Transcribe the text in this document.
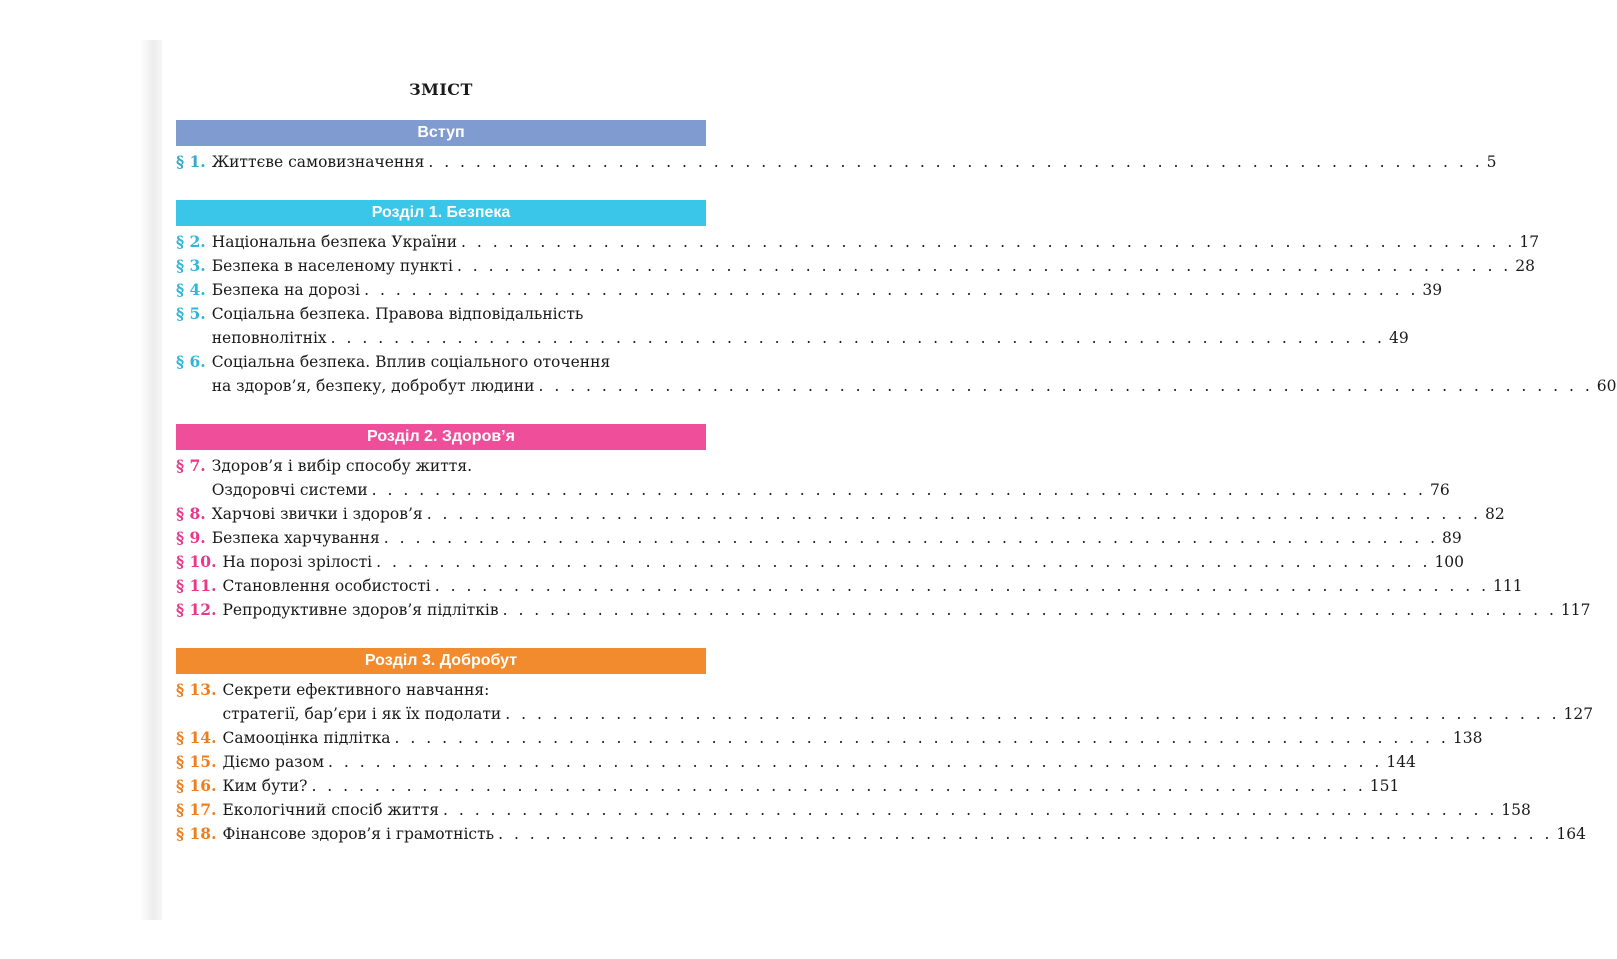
ЗМІСТ
Вступ
§ 1. Життєве самовизначення . . . . . . . . . . . . . . . . . . . . . . . . . . . . . . . . . . . . . . . . . . . . . . . . . . . . . . . . . . . . . . . . . . . 5
Розділ 1. Безпека
§ 2. Національна безпека України . . . . . . . . . . . . . . . . . . . . . . . . . . . . . . . . . . . . . . . . . . . . . . . . . . . . . . . . . . . . . . . . . . . 17
§ 3. Безпека в населеному пункті . . . . . . . . . . . . . . . . . . . . . . . . . . . . . . . . . . . . . . . . . . . . . . . . . . . . . . . . . . . . . . . . . . . 28
§ 4. Безпека на дорозі . . . . . . . . . . . . . . . . . . . . . . . . . . . . . . . . . . . . . . . . . . . . . . . . . . . . . . . . . . . . . . . . . . . 39
§ 5. Соціальна безпека. Правова відповідальність
неповнолітніх . . . . . . . . . . . . . . . . . . . . . . . . . . . . . . . . . . . . . . . . . . . . . . . . . . . . . . . . . . . . . . . . . . . 49
§ 6. Соціальна безпека. Вплив соціального оточення
на здоров’я, безпеку, добробут людини . . . . . . . . . . . . . . . . . . . . . . . . . . . . . . . . . . . . . . . . . . . . . . . . . . . . . . . . . . . . . . . . . . . 60
Розділ 2. Здоров’я
§ 7. Здоров’я і вибір способу життя.
Оздоровчі системи . . . . . . . . . . . . . . . . . . . . . . . . . . . . . . . . . . . . . . . . . . . . . . . . . . . . . . . . . . . . . . . . . . . 76
§ 8. Харчові звички і здоров’я . . . . . . . . . . . . . . . . . . . . . . . . . . . . . . . . . . . . . . . . . . . . . . . . . . . . . . . . . . . . . . . . . . . 82
§ 9. Безпека харчування . . . . . . . . . . . . . . . . . . . . . . . . . . . . . . . . . . . . . . . . . . . . . . . . . . . . . . . . . . . . . . . . . . . 89
§ 10. На порозі зрілості . . . . . . . . . . . . . . . . . . . . . . . . . . . . . . . . . . . . . . . . . . . . . . . . . . . . . . . . . . . . . . . . . . . 100
§ 11. Становлення особистості . . . . . . . . . . . . . . . . . . . . . . . . . . . . . . . . . . . . . . . . . . . . . . . . . . . . . . . . . . . . . . . . . . . 111
§ 12. Репродуктивне здоров’я підлітків . . . . . . . . . . . . . . . . . . . . . . . . . . . . . . . . . . . . . . . . . . . . . . . . . . . . . . . . . . . . . . . . . . . 117
Розділ 3. Добробут
§ 13. Секрети ефективного навчання:
стратегії, бар’єри і як їх подолати . . . . . . . . . . . . . . . . . . . . . . . . . . . . . . . . . . . . . . . . . . . . . . . . . . . . . . . . . . . . . . . . . . . 127
§ 14. Самооцінка підлітка . . . . . . . . . . . . . . . . . . . . . . . . . . . . . . . . . . . . . . . . . . . . . . . . . . . . . . . . . . . . . . . . . . . 138
§ 15. Діємо разом . . . . . . . . . . . . . . . . . . . . . . . . . . . . . . . . . . . . . . . . . . . . . . . . . . . . . . . . . . . . . . . . . . . 144
§ 16. Ким бути? . . . . . . . . . . . . . . . . . . . . . . . . . . . . . . . . . . . . . . . . . . . . . . . . . . . . . . . . . . . . . . . . . . . 151
§ 17. Екологічний спосіб життя . . . . . . . . . . . . . . . . . . . . . . . . . . . . . . . . . . . . . . . . . . . . . . . . . . . . . . . . . . . . . . . . . . . 158
§ 18. Фінансове здоров’я і грамотність . . . . . . . . . . . . . . . . . . . . . . . . . . . . . . . . . . . . . . . . . . . . . . . . . . . . . . . . . . . . . . . . . . . 164
